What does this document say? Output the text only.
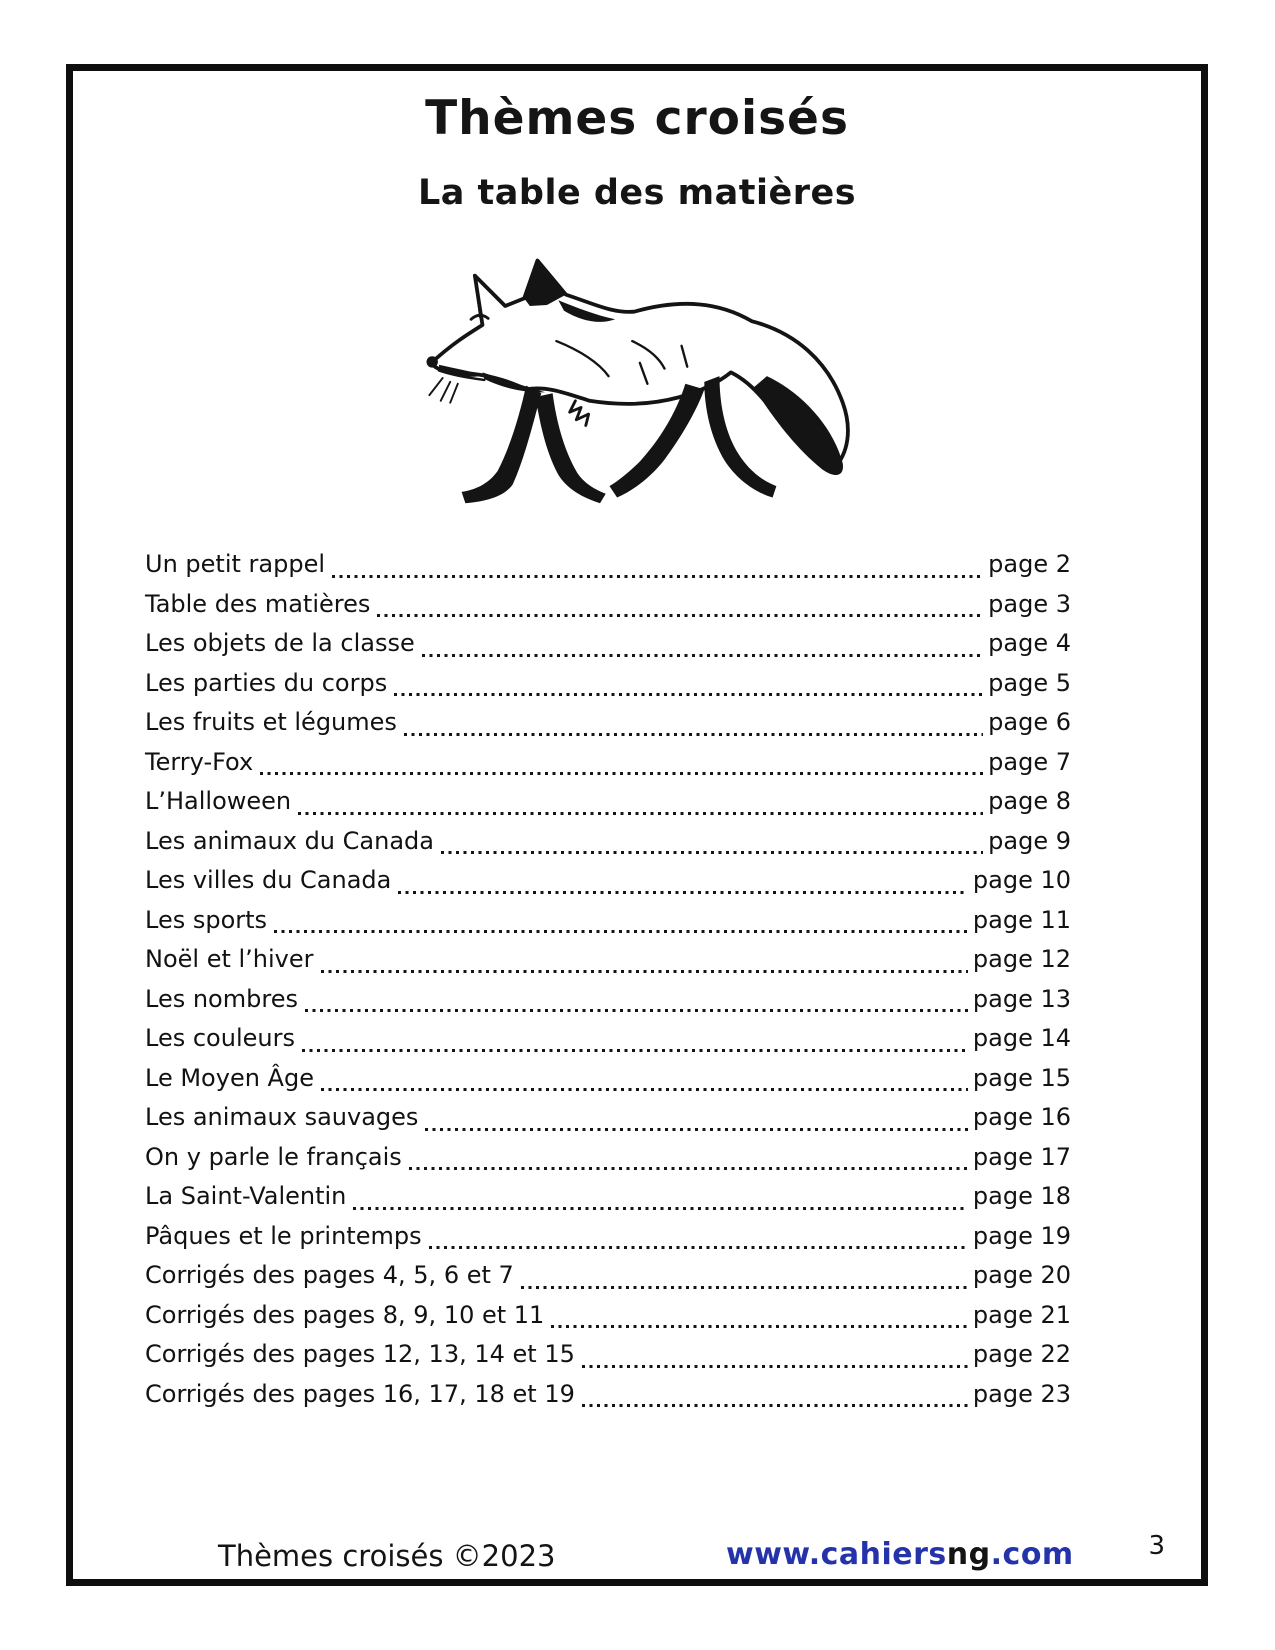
Thèmes croisés
La table des matières
Un petit rappel	page 2
Table des matières	page 3
Les objets de la classe	page 4
Les parties du corps	page 5
Les fruits et légumes	page 6
Terry-Fox	page 7
L’Halloween	page 8
Les animaux du Canada	page 9
Les villes du Canada	page 10
Les sports	page 11
Noël et l’hiver	page 12
Les nombres	page 13
Les couleurs	page 14
Le Moyen Âge	page 15
Les animaux sauvages	page 16
On y parle le français	page 17
La Saint-Valentin	page 18
Pâques et le printemps	page 19
Corrigés des pages 4, 5, 6 et 7	page 20
Corrigés des pages 8, 9, 10 et 11	page 21
Corrigés des pages 12, 13, 14 et 15	page 22
Corrigés des pages 16, 17, 18 et 19	page 23
Thèmes croisés ©2023	www.cahiersng.com	3
